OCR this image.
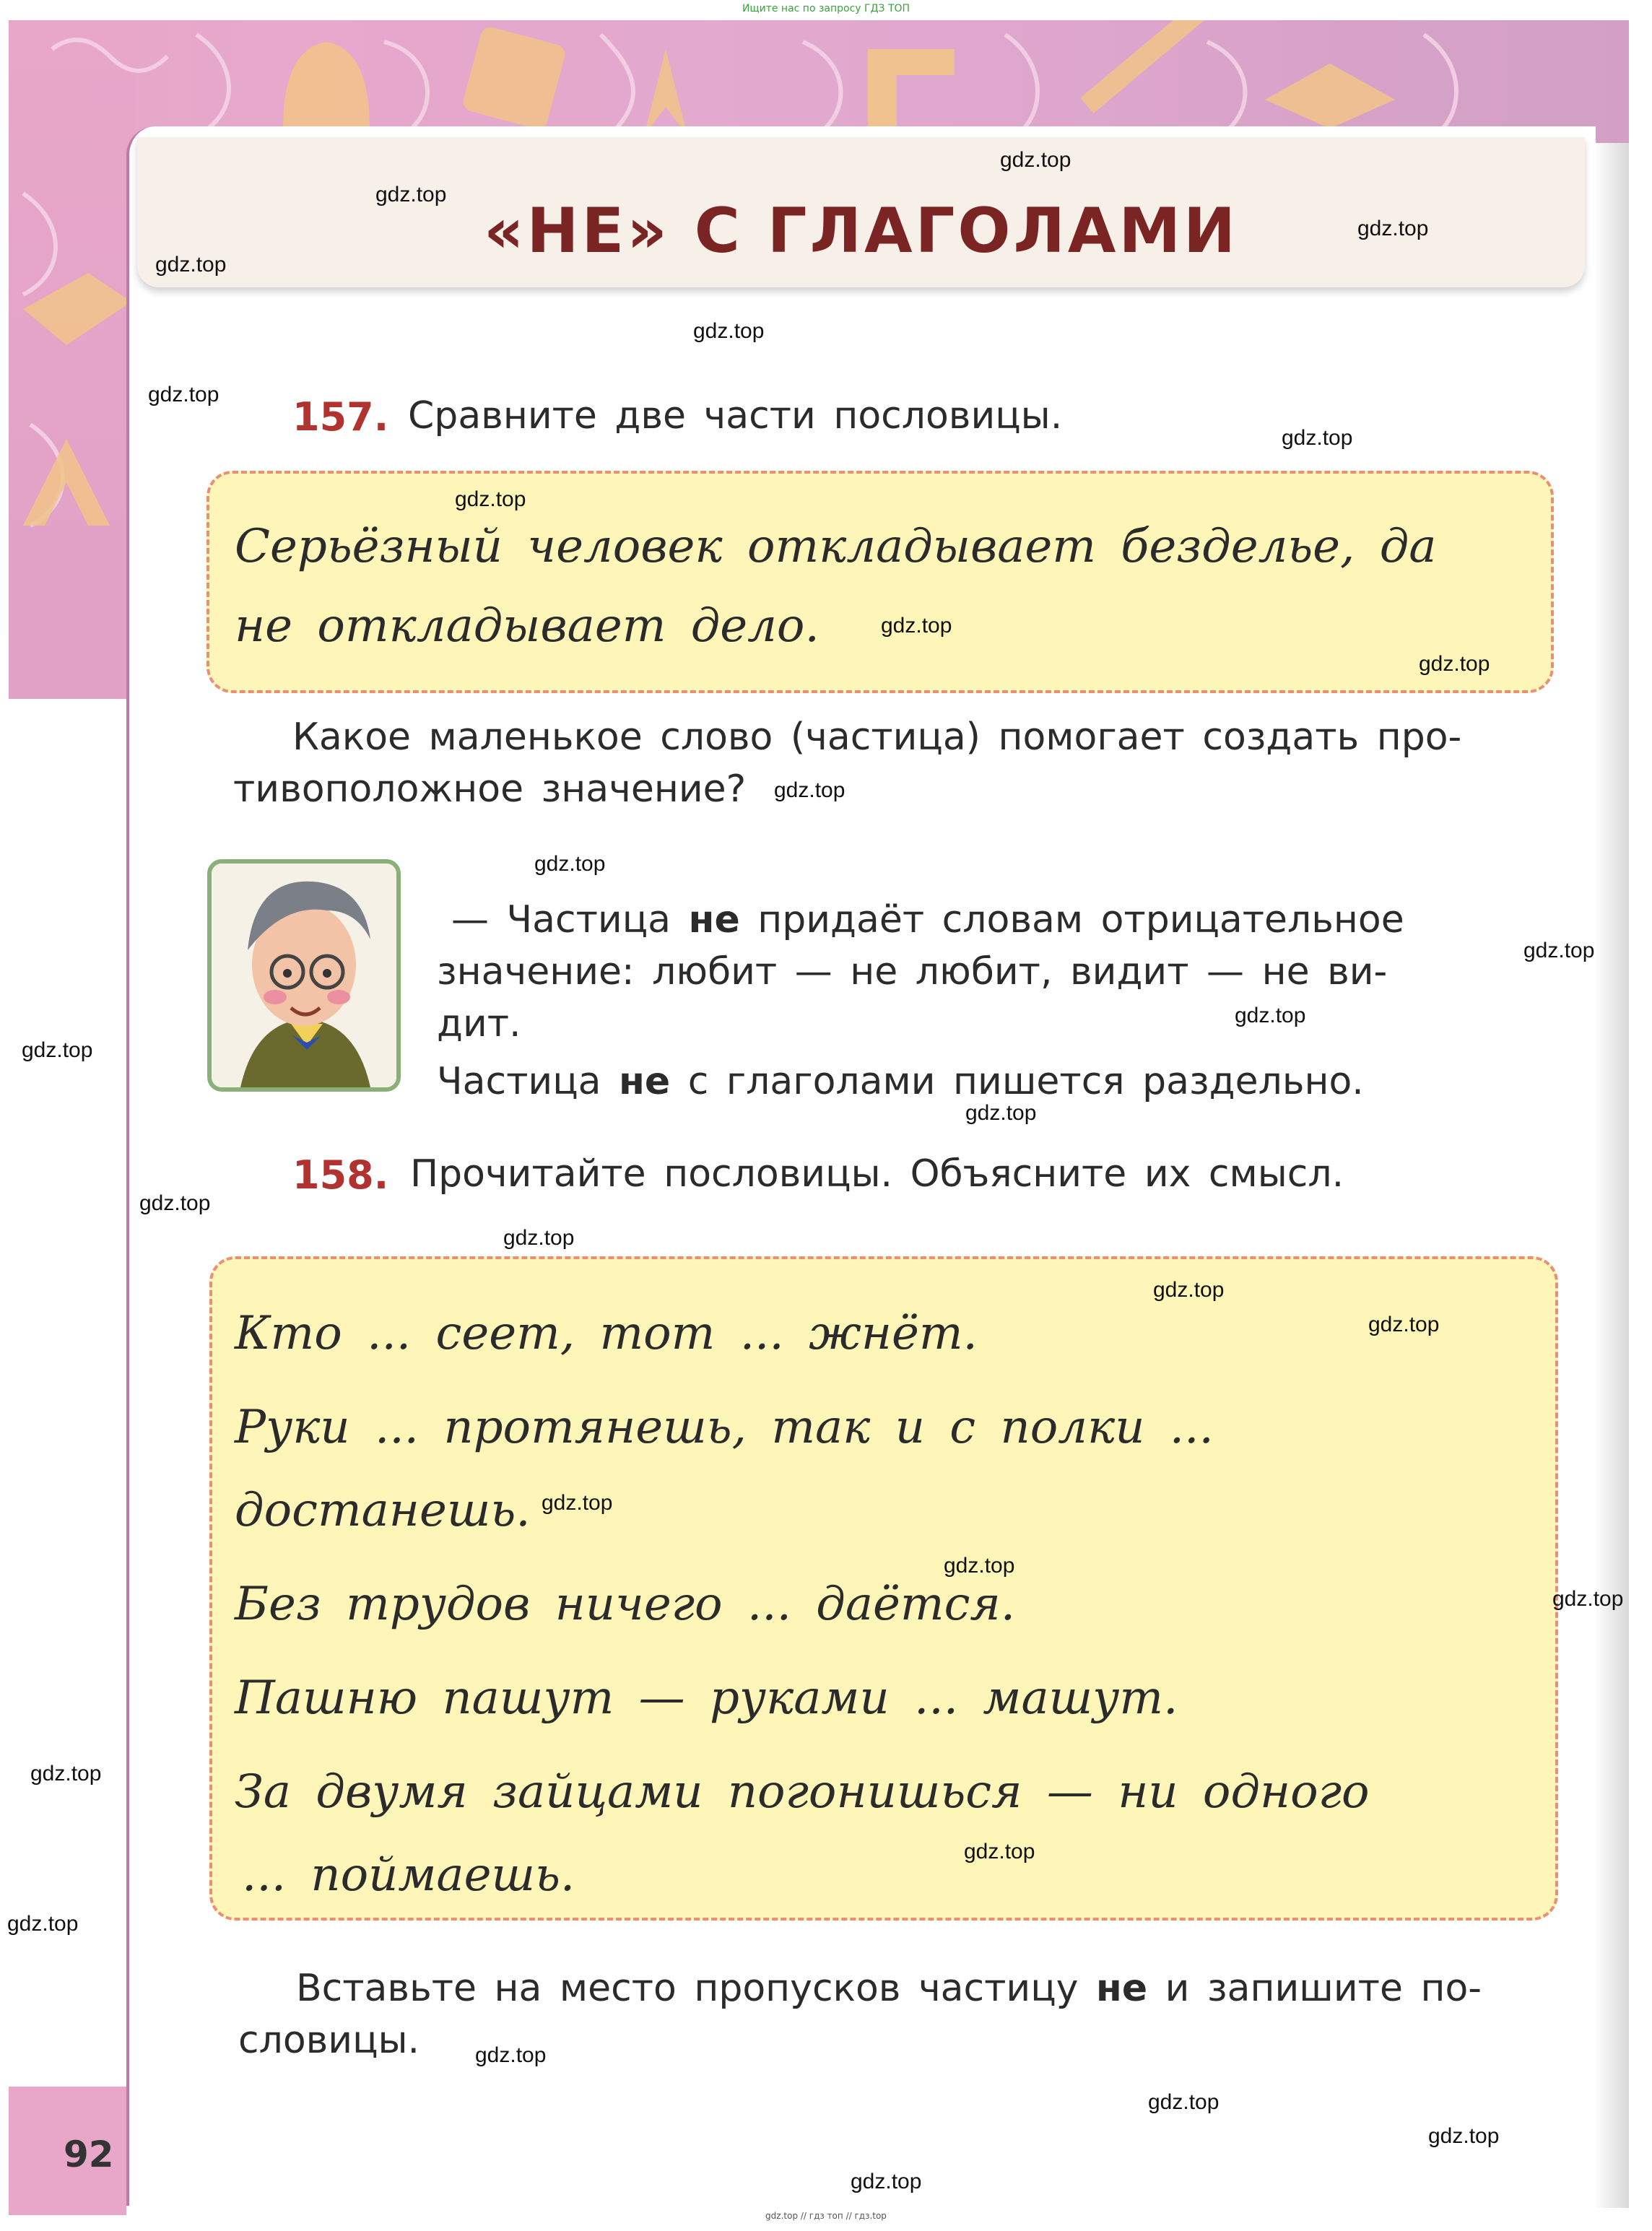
Ищите нас по запросу ГДЗ ТОП
92
«НЕ» С ГЛАГОЛАМИ
157. Сравните две части пословицы.
Серьёзный человек откладывает безделье, да
не откладывает дело.
Какое маленькое слово (частица) помогает создать про-
тивоположное значение?
— Частица не придаёт словам отрицательное
значение: любит — не любит, видит — не ви-
дит.
Частица не с глаголами пишется раздельно.
158. Прочитайте пословицы. Объясните их смысл.
Кто ... сеет, тот ... жнёт.
Руки ... протянешь, так и с полки ...
достанешь.
Без трудов ничего ... даётся.
Пашню пашут — руками ... машут.
За двумя зайцами погонишься — ни одного
... поймаешь.
Вставьте на место пропусков частицу не и запишите по-
словицы.
gdz.top
gdz.top
gdz.top
gdz.top
gdz.top
gdz.top
gdz.top
gdz.top
gdz.top
gdz.top
gdz.top
gdz.top
gdz.top
gdz.top
gdz.top
gdz.top
gdz.top
gdz.top
gdz.top
gdz.top
gdz.top
gdz.top
gdz.top
gdz.top
gdz.top
gdz.top
gdz.top
gdz.top
gdz.top
gdz.top
gdz.top // гдз топ // гдз.top
